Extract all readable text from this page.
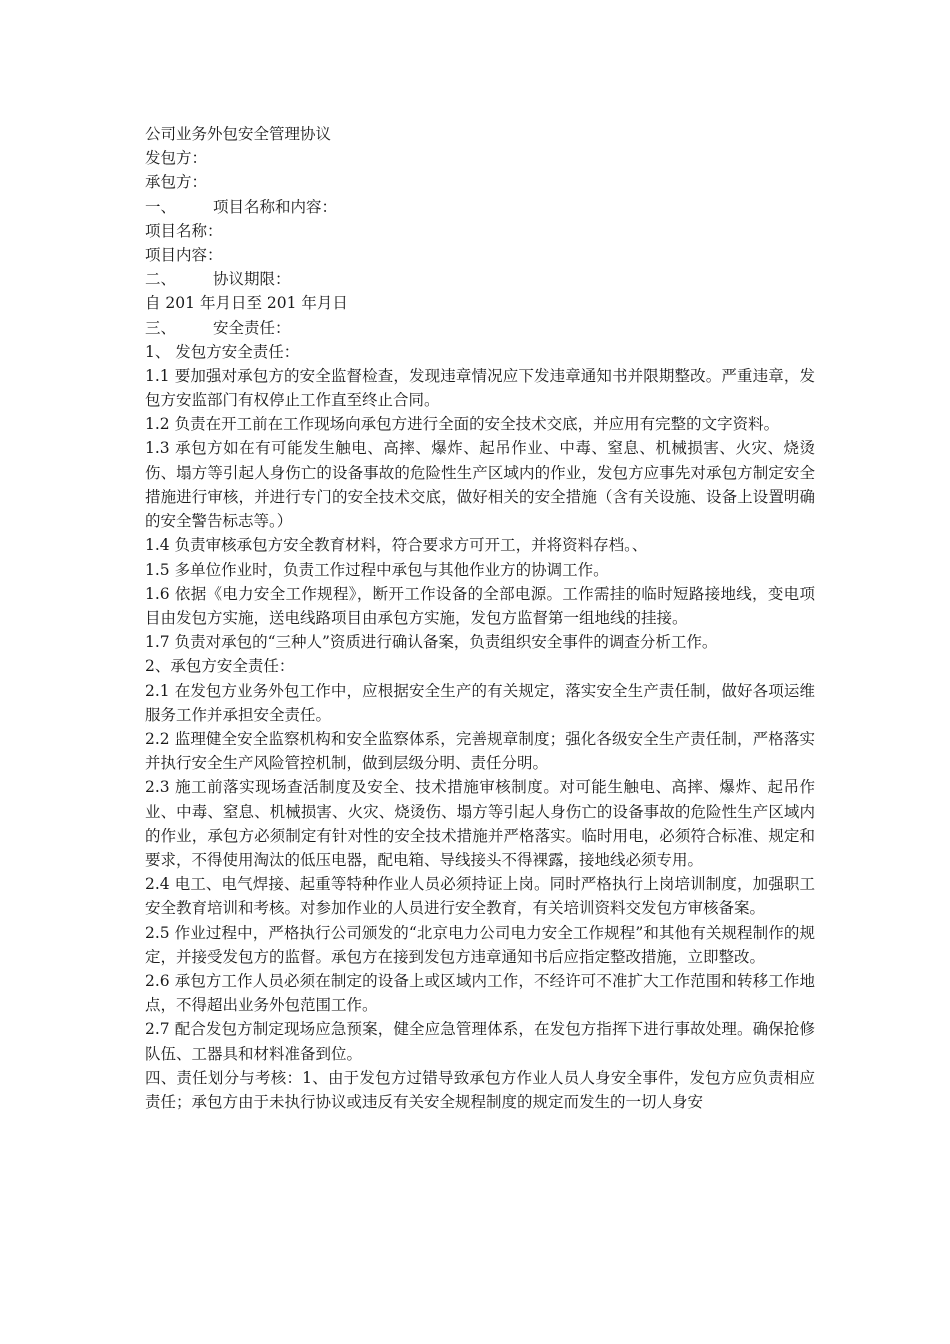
公司业务外包安全管理协议
发包方：
承包方：
一、 项目名称和内容：
项目名称：
项目内容：
二、 协议期限：
自 201 年月日至 201 年月日
三、 安全责任：
1、 发包方安全责任：
1.1 要加强对承包方的安全监督检查，发现违章情况应下发违章通知书并限期整改。严重违章，发包方安监部门有权停止工作直至终止合同。
1.2 负责在开工前在工作现场向承包方进行全面的安全技术交底，并应用有完整的文字资料。
1.3 承包方如在有可能发生触电、高摔、爆炸、起吊作业、中毒、窒息、机械损害、火灾、烧烫伤、塌方等引起人身伤亡的设备事故的危险性生产区域内的作业，发包方应事先对承包方制定安全措施进行审核，并进行专门的安全技术交底，做好相关的安全措施（含有关设施、设备上设置明确的安全警告标志等。）
1.4 负责审核承包方安全教育材料，符合要求方可开工，并将资料存档。、
1.5 多单位作业时，负责工作过程中承包与其他作业方的协调工作。
1.6 依据《电力安全工作规程》，断开工作设备的全部电源。工作需挂的临时短路接地线，变电项目由发包方实施，送电线路项目由承包方实施，发包方监督第一组地线的挂接。
1.7 负责对承包的“三种人”资质进行确认备案，负责组织安全事件的调查分析工作。
2、承包方安全责任：
2.1 在发包方业务外包工作中，应根据安全生产的有关规定，落实安全生产责任制，做好各项运维服务工作并承担安全责任。
2.2 监理健全安全监察机构和安全监察体系，完善规章制度；强化各级安全生产责任制，严格落实并执行安全生产风险管控机制，做到层级分明、责任分明。
2.3 施工前落实现场查活制度及安全、技术措施审核制度。对可能生触电、高摔、爆炸、起吊作业、中毒、窒息、机械损害、火灾、烧烫伤、塌方等引起人身伤亡的设备事故的危险性生产区域内的作业，承包方必须制定有针对性的安全技术措施并严格落实。临时用电，必须符合标准、规定和要求，不得使用淘汰的低压电器，配电箱、导线接头不得裸露，接地线必须专用。
2.4 电工、电气焊接、起重等特种作业人员必须持证上岗。同时严格执行上岗培训制度，加强职工安全教育培训和考核。对参加作业的人员进行安全教育，有关培训资料交发包方审核备案。
2.5 作业过程中，严格执行公司颁发的“北京电力公司电力安全工作规程”和其他有关规程制作的规定，并接受发包方的监督。承包方在接到发包方违章通知书后应指定整改措施，立即整改。
2.6 承包方工作人员必须在制定的设备上或区域内工作，不经许可不准扩大工作范围和转移工作地点，不得超出业务外包范围工作。
2.7 配合发包方制定现场应急预案，健全应急管理体系，在发包方指挥下进行事故处理。确保抢修队伍、工器具和材料准备到位。
四、责任划分与考核：1、由于发包方过错导致承包方作业人员人身安全事件，发包方应负责相应责任；承包方由于未执行协议或违反有关安全规程制度的规定而发生的一切人身安
